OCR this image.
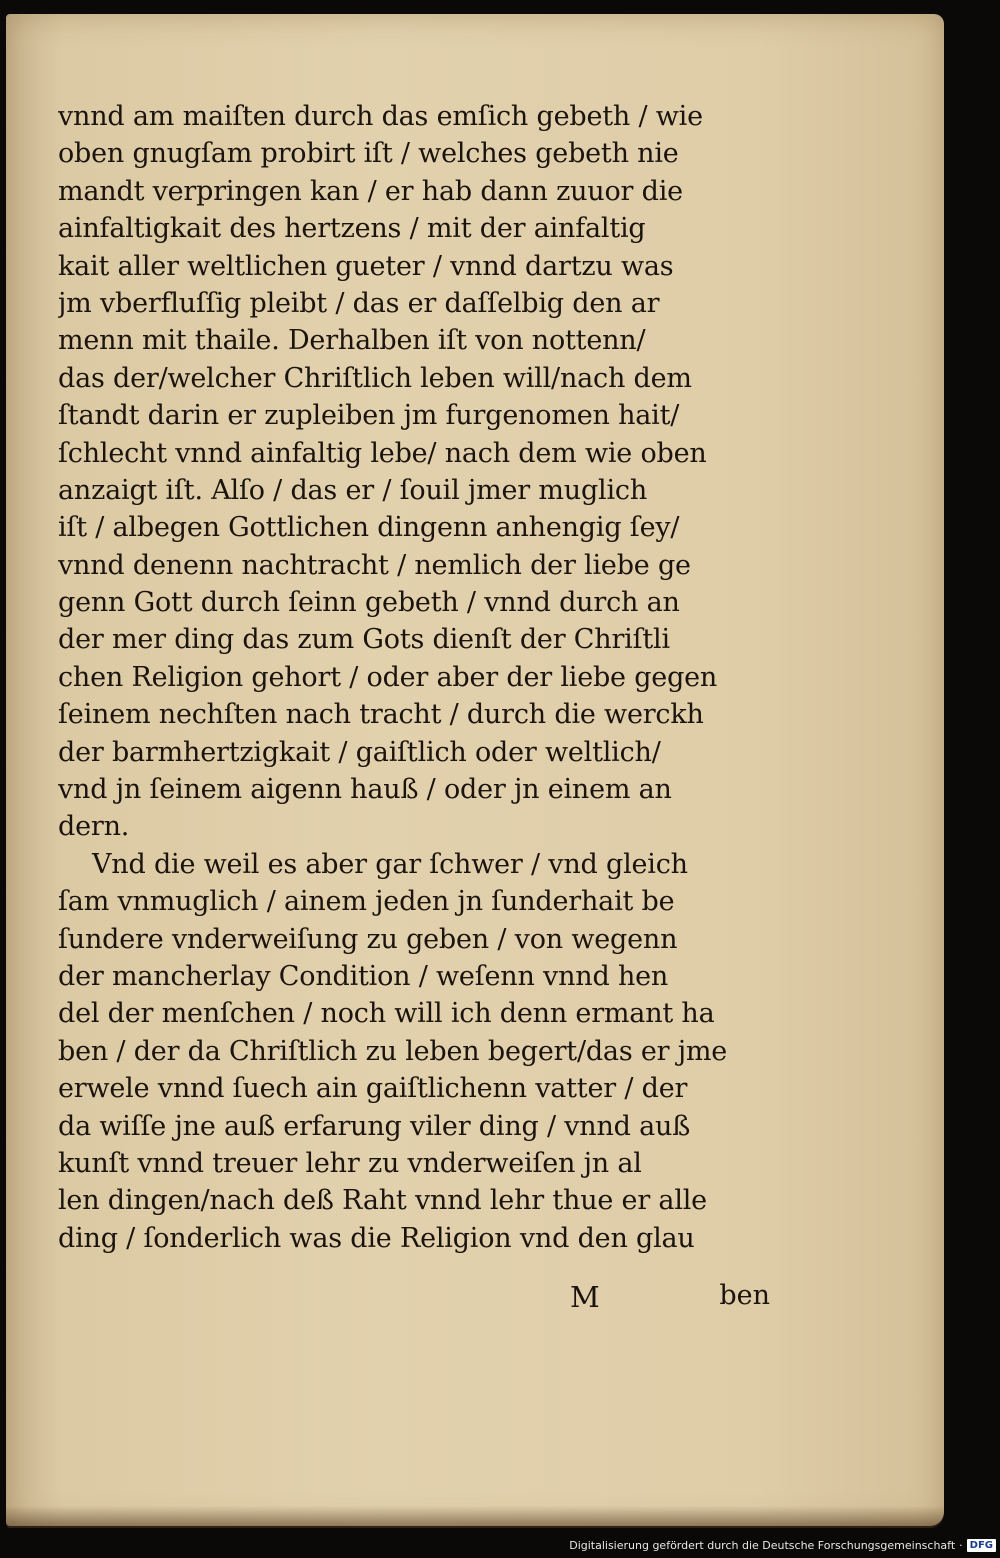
vnnd am maiſten durch das emſich gebeth / wie
oben gnugſam probirt iſt / welches gebeth nie
mandt verpringen kan / er hab dann zuuor die
ainfaltigkait des hertzens / mit der ainfaltig
kait aller weltlichen gueter / vnnd dartzu was
jm vberfluſſig pleibt / das er daſſelbig den ar
menn mit thaile. Derhalben iſt von nottenn/
das der/welcher Chriſtlich leben will/nach dem
ſtandt darin er zupleiben jm furgenomen hait/
ſchlecht vnnd ainfaltig lebe/ nach dem wie oben
anzaigt iſt. Alſo / das er / ſouil jmer muglich
iſt / albegen Gottlichen dingenn anhengig ſey/
vnnd denenn nachtracht / nemlich der liebe ge
genn Gott durch ſeinn gebeth / vnnd durch an
der mer ding das zum Gots dienſt der Chriſtli
chen Religion gehort / oder aber der liebe gegen
ſeinem nechſten nach tracht / durch die werckh
der barmhertzigkait / gaiſtlich oder weltlich/
vnd jn ſeinem aigenn hauß / oder jn einem an
dern.
Vnd die weil es aber gar ſchwer / vnd gleich
ſam vnmuglich / ainem jeden jn ſunderhait be
ſundere vnderweiſung zu geben / von wegenn
der mancherlay Condition / weſenn vnnd hen
del der menſchen / noch will ich denn ermant ha
ben / der da Chriſtlich zu leben begert/das er jme
erwele vnnd ſuech ain gaiſtlichenn vatter / der
da wiſſe jne auß erfarung viler ding / vnnd auß
kunſt vnnd treuer lehr zu vnderweiſen jn al
len dingen/nach deß Raht vnnd lehr thue er alle
ding / ſonderlich was die Religion vnd den glau
M	ben
Digitalisierung gefördert durch die Deutsche Forschungsgemeinschaft · DFG
